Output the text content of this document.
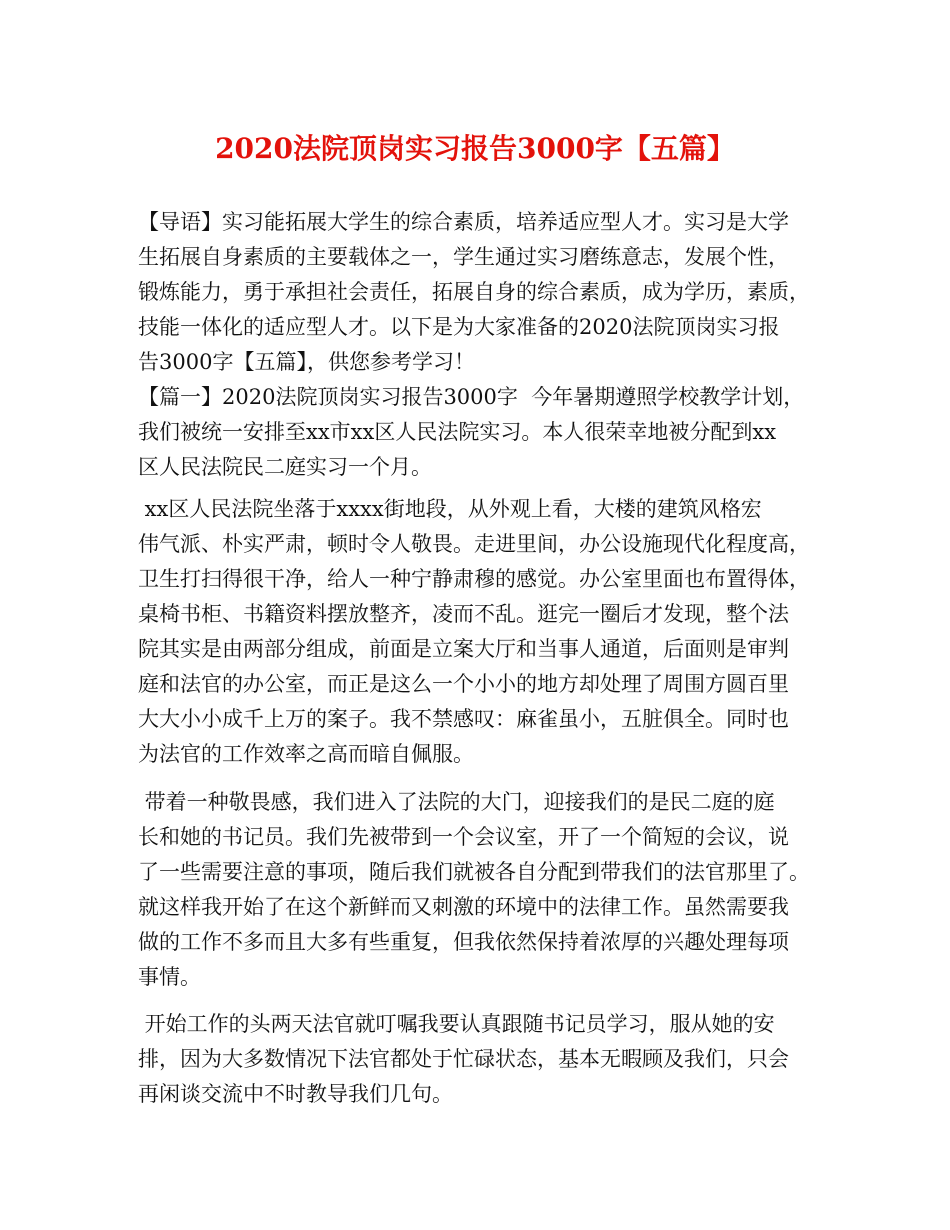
2020法院顶岗实习报告3000字【五篇】
【导语】实习能拓展大学生的综合素质，培养适应型人才。实习是大学
生拓展自身素质的主要载体之一，学生通过实习磨练意志，发展个性，
锻炼能力，勇于承担社会责任，拓展自身的综合素质，成为学历，素质，
技能一体化的适应型人才。以下是为大家准备的2020法院顶岗实习报
告3000字【五篇】，供您参考学习！
【篇一】2020法院顶岗实习报告3000字  今年暑期遵照学校教学计划，
我们被统一安排至xx市xx区人民法院实习。本人很荣幸地被分配到xx
区人民法院民二庭实习一个月。
xx区人民法院坐落于xxxx街地段，从外观上看，大楼的建筑风格宏
伟气派、朴实严肃，顿时令人敬畏。走进里间，办公设施现代化程度高，
卫生打扫得很干净，给人一种宁静肃穆的感觉。办公室里面也布置得体，
桌椅书柜、书籍资料摆放整齐，凌而不乱。逛完一圈后才发现，整个法
院其实是由两部分组成，前面是立案大厅和当事人通道，后面则是审判
庭和法官的办公室，而正是这么一个小小的地方却处理了周围方圆百里
大大小小成千上万的案子。我不禁感叹：麻雀虽小，五脏俱全。同时也
为法官的工作效率之高而暗自佩服。
带着一种敬畏感，我们进入了法院的大门，迎接我们的是民二庭的庭
长和她的书记员。我们先被带到一个会议室，开了一个简短的会议，说
了一些需要注意的事项，随后我们就被各自分配到带我们的法官那里了。
就这样我开始了在这个新鲜而又刺激的环境中的法律工作。虽然需要我
做的工作不多而且大多有些重复，但我依然保持着浓厚的兴趣处理每项
事情。
开始工作的头两天法官就叮嘱我要认真跟随书记员学习，服从她的安
排，因为大多数情况下法官都处于忙碌状态，基本无暇顾及我们，只会
再闲谈交流中不时教导我们几句。
